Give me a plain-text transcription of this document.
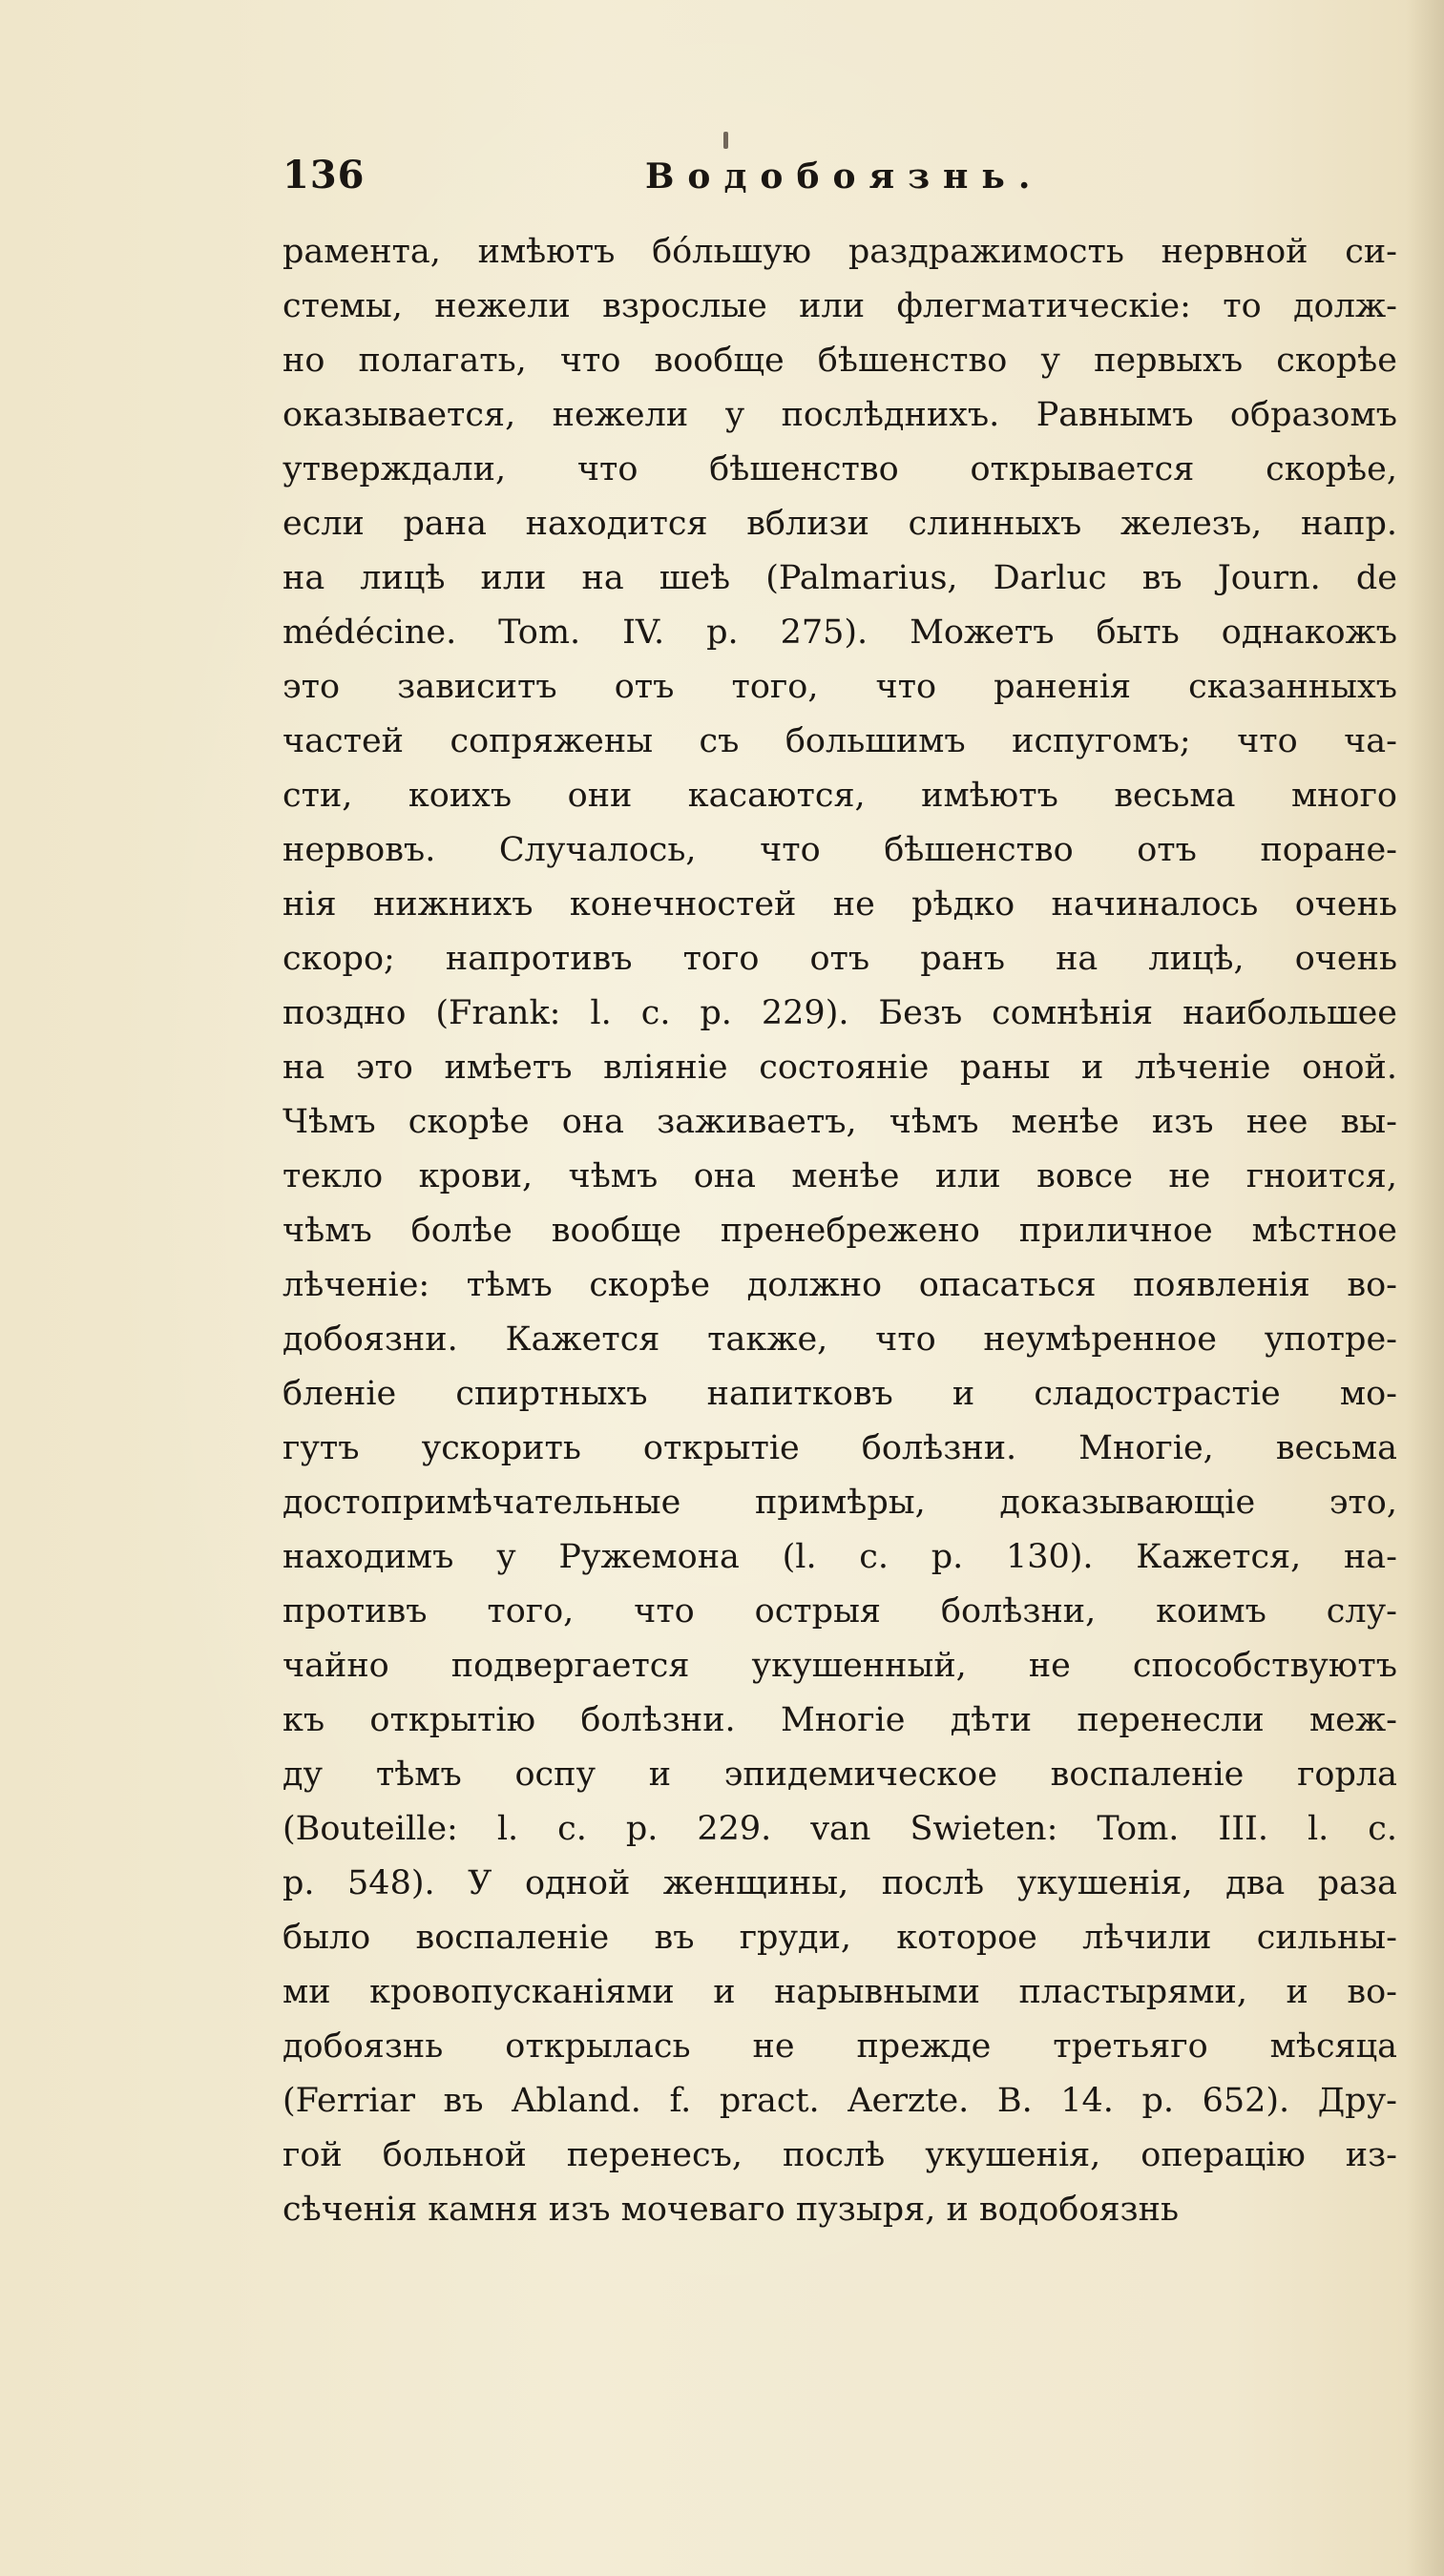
136	Водобоязнь.
рамента, имѣютъ бо́льшую раздражимость нервной си-
стемы, нежели взрослые или флегматическіе: то долж-
но полагать, что вообще бѣшенство у первыхъ скорѣе
оказывается, нежели у послѣднихъ. Равнымъ образомъ
утверждали, что бѣшенство открывается скорѣе,
если рана находится вблизи слинныхъ железъ, напр.
на лицѣ или на шеѣ (Palmarius, Darluc въ Journ. de
médécine. Tom. IV. p. 275). Можетъ быть однакожъ
это зависитъ отъ того, что раненія сказанныхъ
частей сопряжены съ большимъ испугомъ; что ча-
сти, коихъ они касаются, имѣютъ весьма много
нервовъ. Случалось, что бѣшенство отъ поране-
нія нижнихъ конечностей не рѣдко начиналось очень
скоро; напротивъ того отъ ранъ на лицѣ, очень
поздно (Frank: l. c. p. 229). Безъ сомнѣнія наибольшее
на это имѣетъ вліяніе состояніе раны и лѣченіе оной.
Чѣмъ скорѣе она заживаетъ, чѣмъ менѣе изъ нее вы-
текло крови, чѣмъ она менѣе или вовсе не гноится,
чѣмъ болѣе вообще пренебрежено приличное мѣстное
лѣченіе: тѣмъ скорѣе должно опасаться появленія во-
добоязни. Кажется также, что неумѣренное употре-
бленіе спиртныхъ напитковъ и сладострастіе мо-
гутъ ускорить открытіе болѣзни. Многіе, весьма
достопримѣчательные примѣры, доказывающіе это,
находимъ у Ружемона (l. c. p. 130). Кажется, на-
противъ того, что острыя болѣзни, коимъ слу-
чайно подвергается укушенный, не способствуютъ
къ открытію болѣзни. Многіе дѣти перенесли меж-
ду тѣмъ оспу и эпидемическое воспаленіе горла
(Bouteille: l. c. p. 229. van Swieten: Tom. III. l. c.
p. 548). У одной женщины, послѣ укушенія, два раза
было воспаленіе въ груди, которое лѣчили сильны-
ми кровопусканіями и нарывными пластырями, и во-
добоязнь открылась не прежде третьяго мѣсяца
(Ferriar въ Abland. f. pract. Aerzte. B. 14. p. 652). Дру-
гой больной перенесъ, послѣ укушенія, операцію из-
сѣченія камня изъ мочеваго пузыря, и водобоязнь
